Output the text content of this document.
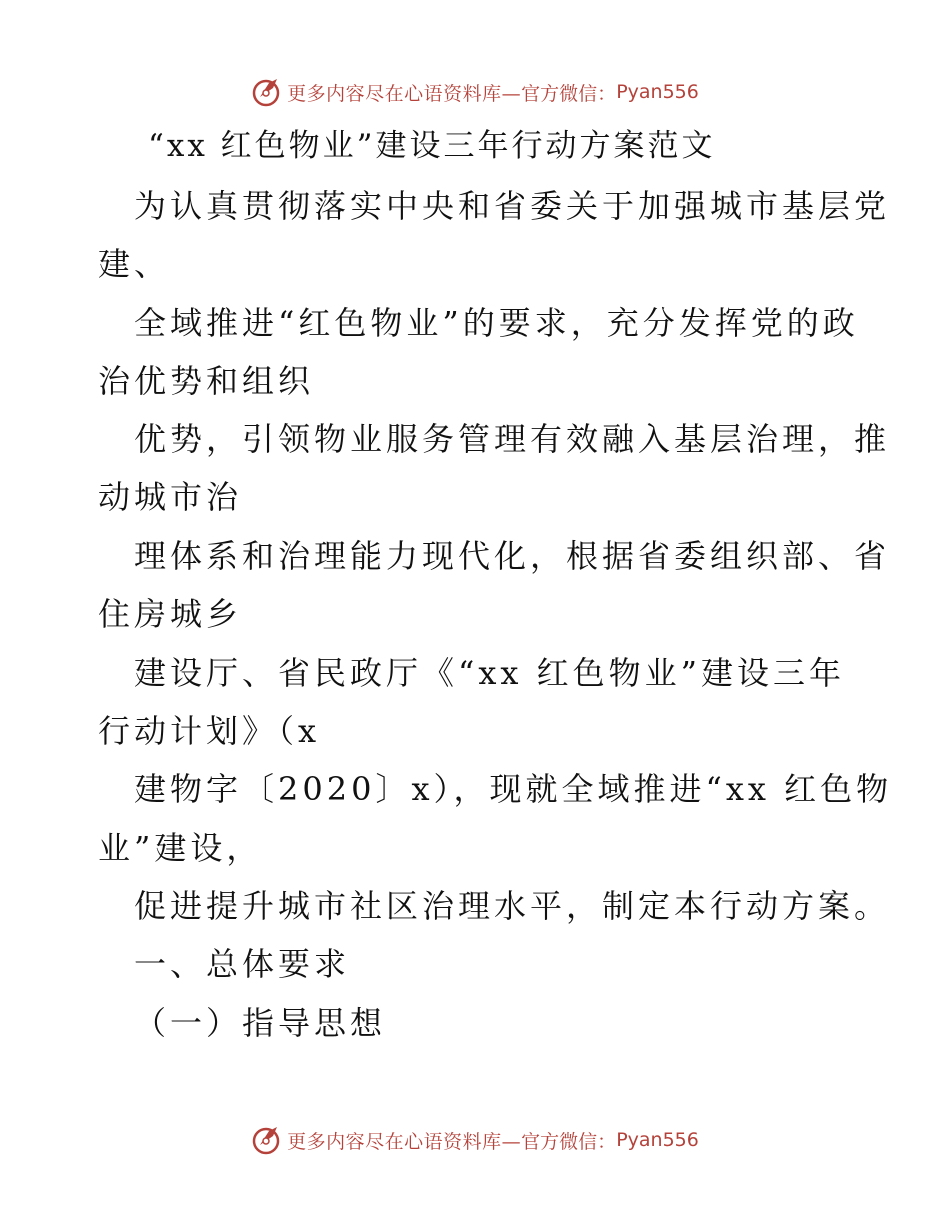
更多内容尽在心语资料库— 官方微信： Pyan556
“xx 红色物业”建设三年行动方案范文
为认真贯彻落实中央和省委关于加强城市基层党
建、
全域推进“红色物业”的要求，充分发挥党的政
治优势和组织
优势，引领物业服务管理有效融入基层治理，推
动城市治
理体系和治理能力现代化，根据省委组织部、省
住房城乡
建设厅、省民政厅《“xx 红色物业”建设三年
行动计划》（x
建物字〔2020〕x），现就全域推进“xx 红色物
业”建设，
促进提升城市社区治理水平，制定本行动方案。
一、总体要求
（一）指导思想
更多内容尽在心语资料库— 官方微信： Pyan556
